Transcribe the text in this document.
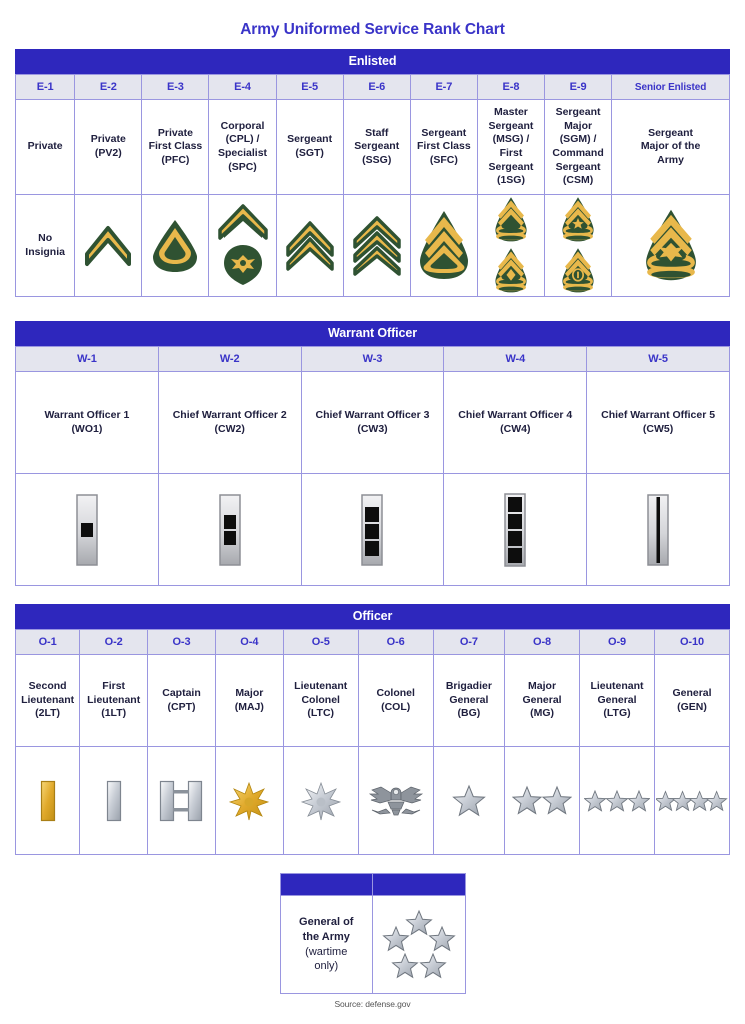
Army Uniformed Service Rank Chart
Enlisted
E-1	E-2	E-3	E-4	E-5	E-6	E-7	E-8	E-9	Senior Enlisted
Private	Private
(PV2)	Private
First Class
(PFC)	Corporal
(CPL) /
Specialist
(SPC)	Sergeant
(SGT)	Staff
Sergeant
(SSG)	Sergeant
First Class
(SFC)	Master
Sergeant
(MSG) /
First
Sergeant
(1SG)	Sergeant
Major
(SGM) /
Command
Sergeant
(CSM)	Sergeant
Major of the
Army
No
Insignia	

Warrant Officer
W-1	W-2	W-3	W-4	W-5
Warrant Officer 1
(WO1)	Chief Warrant Officer 2
(CW2)	Chief Warrant Officer 3
(CW3)	Chief Warrant Officer 4
(CW4)	Chief Warrant Officer 5
(CW5)

Officer
O-1	O-2	O-3	O-4	O-5	O-6	O-7	O-8	O-9	O-10
Second
Lieutenant
(2LT)	First
Lieutenant
(1LT)	Captain
(CPT)	Major
(MAJ)	Lieutenant
Colonel
(LTC)	Colonel
(COL)	Brigadier
General
(BG)	Major
General
(MG)	Lieutenant
General
(LTG)	General
(GEN)

General of
the Army (wartime
only)	
Source: defense.gov
